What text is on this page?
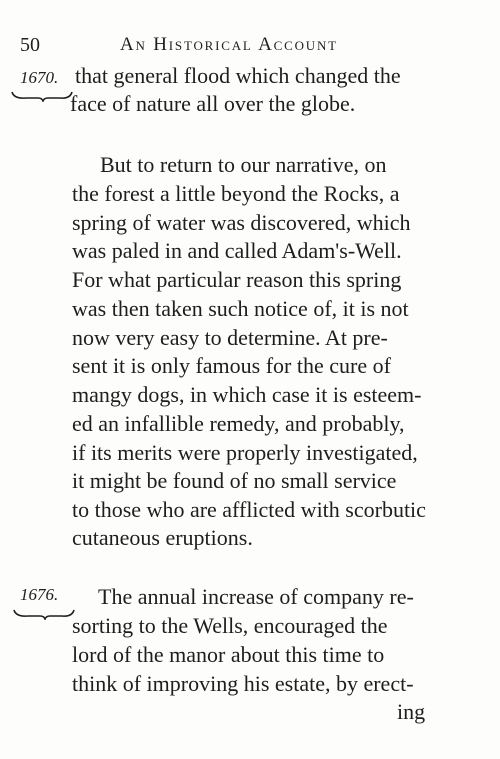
50	An Historical Account
1670. that general flood which changed the
face of nature all over the globe.
But to return to our narrative, on
the forest a little beyond the Rocks, a
spring of water was discovered, which
was paled in and called Adam's-Well.
For what particular reason this spring
was then taken such notice of, it is not
now very easy to determine. At pre-
sent it is only famous for the cure of
mangy dogs, in which case it is esteem-
ed an infallible remedy, and probably,
if its merits were properly investigated,
it might be found of no small service
to those who are afflicted with scorbutic
cutaneous eruptions.
1676. The annual increase of company re-
sorting to the Wells, encouraged the
lord of the manor about this time to
think of improving his estate, by erect-
ing
